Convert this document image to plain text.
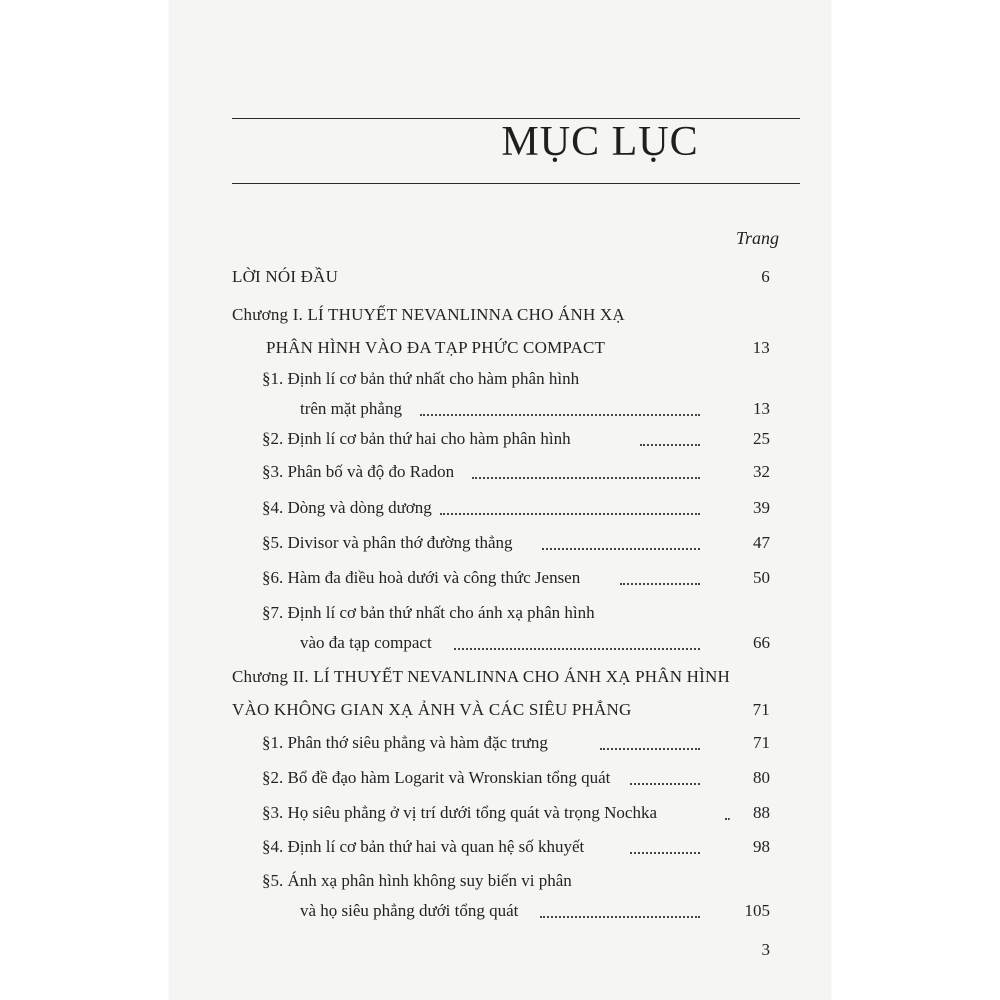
MỤC LỤC
Trang
LỜI NÓI ĐẦU	6
Chương I. LÍ THUYẾT NEVANLINNA CHO ÁNH XẠ
PHÂN HÌNH VÀO ĐA TẠP PHỨC COMPACT	13
§1. Định lí cơ bản thứ nhất cho hàm phân hình
trên mặt phẳng	13
§2. Định lí cơ bản thứ hai cho hàm phân hình	25
§3. Phân bố và độ đo Radon	32
§4. Dòng và dòng dương	39
§5. Divisor và phân thớ đường thẳng	47
§6. Hàm đa điều hoà dưới và công thức Jensen	50
§7. Định lí cơ bản thứ nhất cho ánh xạ phân hình
vào đa tạp compact	66
Chương II. LÍ THUYẾT NEVANLINNA CHO ÁNH XẠ PHÂN HÌNH
VÀO KHÔNG GIAN XẠ ẢNH VÀ CÁC SIÊU PHẲNG	71
§1. Phân thớ siêu phẳng và hàm đặc trưng	71
§2. Bổ đề đạo hàm Logarit và Wronskian tổng quát	80
§3. Họ siêu phẳng ở vị trí dưới tổng quát và trọng Nochka	88
§4. Định lí cơ bản thứ hai và quan hệ số khuyết	98
§5. Ánh xạ phân hình không suy biến vi phân
và họ siêu phẳng dưới tổng quát	105
3
